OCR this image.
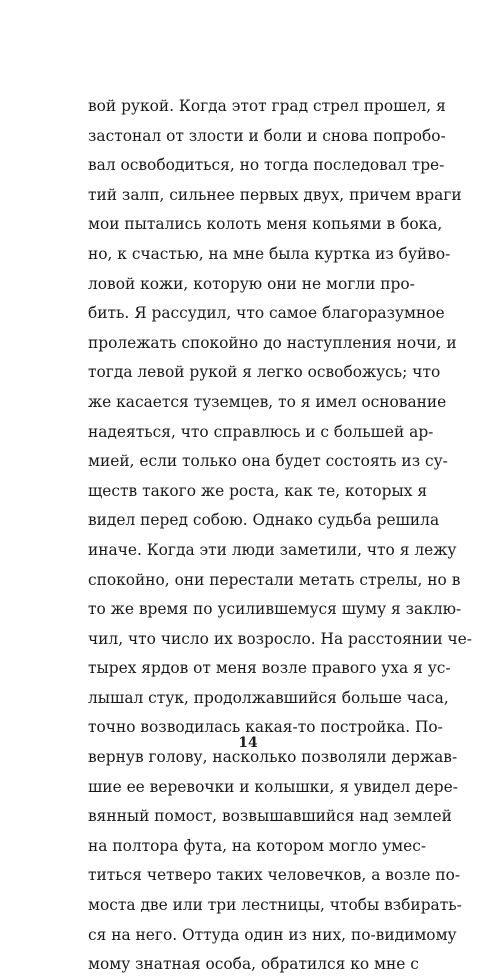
вой рукой. Когда этот град стрел прошел, я
застонал от злости и боли и снова попробо-
вал освободиться, но тогда последовал тре-
тий залп, сильнее первых двух, причем враги
мои пытались колоть меня копьями в бока,
но, к счастью, на мне была куртка из буйво-
ловой кожи, которую они не могли про-
бить. Я рассудил, что самое благоразумное
пролежать спокойно до наступления ночи, и
тогда левой рукой я легко освобожусь; что
же касается туземцев, то я имел основание
надеяться, что справлюсь и с большей ар-
мией, если только она будет состоять из су-
ществ такого же роста, как те, которых я
видел перед собою. Однако судьба решила
иначе. Когда эти люди заметили, что я лежу
спокойно, они перестали метать стрелы, но в
то же время по усилившемуся шуму я заклю-
чил, что число их возросло. На расстоянии че-
тырех ярдов от меня возле правого уха я ус-
лышал стук, продолжавшийся больше часа,
точно возводилась какая-то постройка. По-
вернув голову, насколько позволяли держав-
шие ее веревочки и колышки, я увидел дере-
вянный помост, возвышавшийся над землей
на полтора фута, на котором могло умес-
титься четверо таких человечков, а возле по-
моста две или три лестницы, чтобы взбирать-
ся на него. Оттуда один из них, по-видимому
мому знатная особа, обратился ко мне с
14
